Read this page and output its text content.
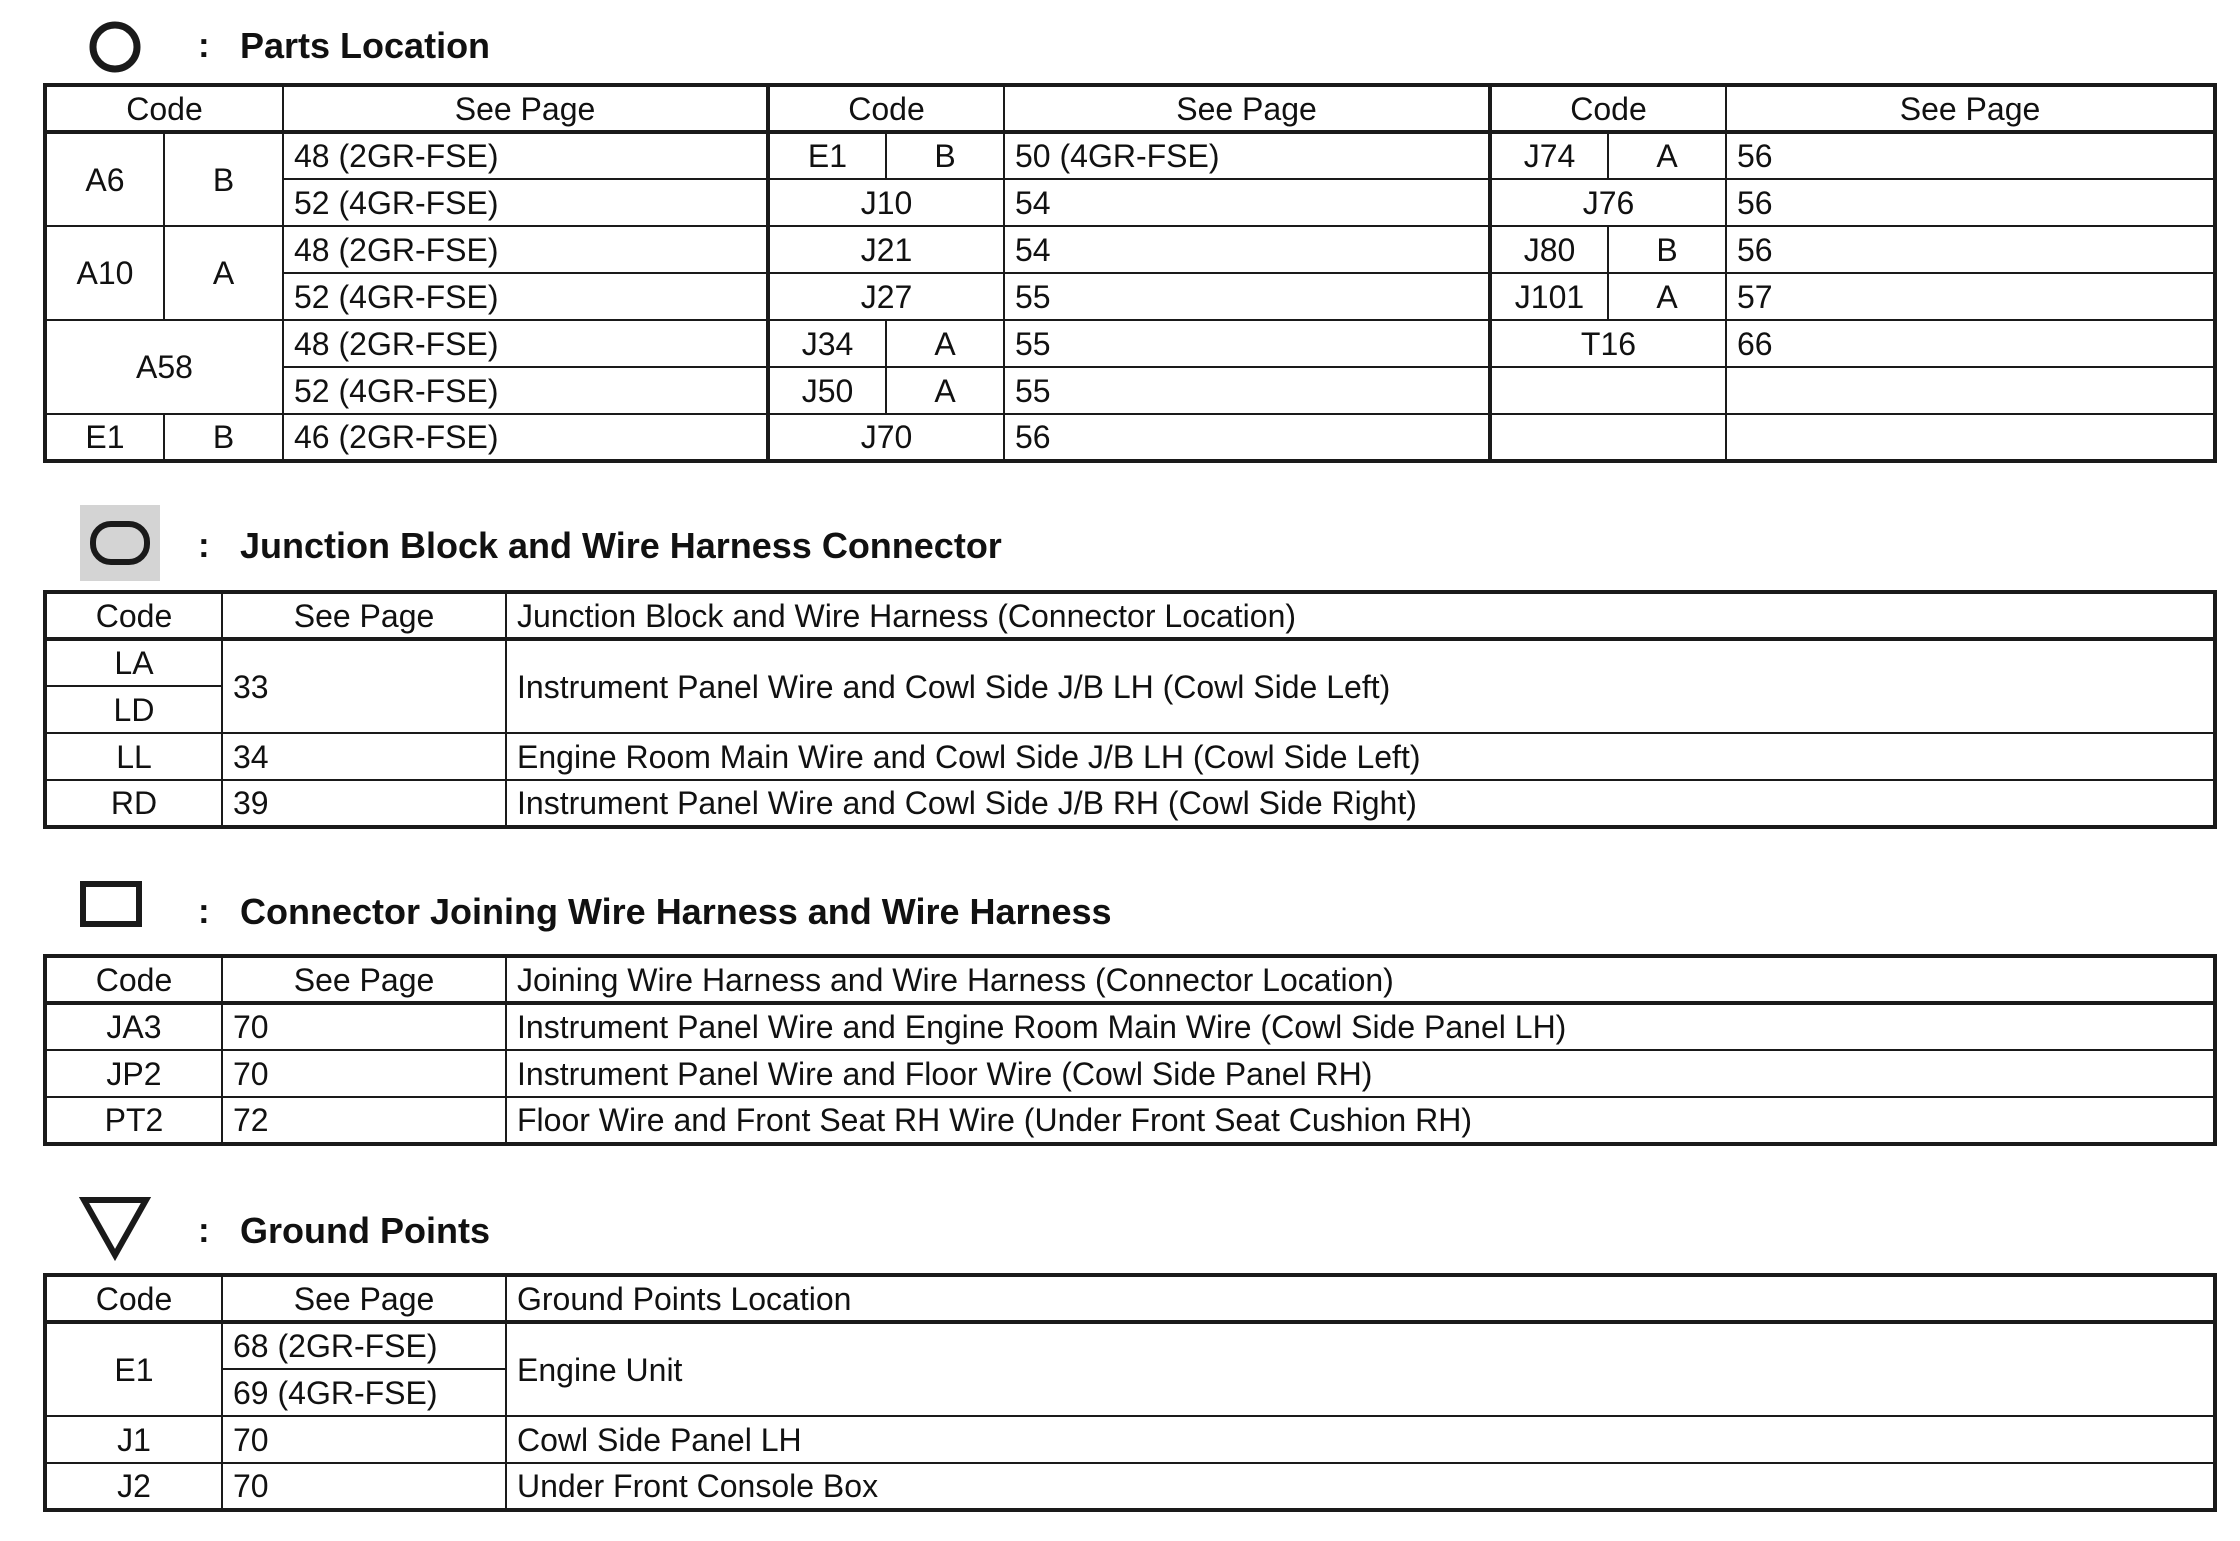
: Parts Location
Code		See Page	Code		See Page	Code		See Page
A6	B	48 (2GR-FSE)	E1	B	50 (4GR-FSE)	J74	A	56
		52 (4GR-FSE)	J10		54	J76		56
A10	A	48 (2GR-FSE)	J21		54	J80	B	56
		52 (4GR-FSE)	J27		55	J101	A	57
A58		48 (2GR-FSE)	J34	A	55	T16		66
		52 (4GR-FSE)	J50	A	55			
E1	B	46 (2GR-FSE)	J70		56			
: Junction Block and Wire Harness Connector
Code	See Page	Junction Block and Wire Harness (Connector Location)
LA	33	Instrument Panel Wire and Cowl Side J/B LH (Cowl Side Left)
LD		
LL	34	Engine Room Main Wire and Cowl Side J/B LH (Cowl Side Left)
RD	39	Instrument Panel Wire and Cowl Side J/B RH (Cowl Side Right)
: Connector Joining Wire Harness and Wire Harness
Code	See Page	Joining Wire Harness and Wire Harness (Connector Location)
JA3	70	Instrument Panel Wire and Engine Room Main Wire (Cowl Side Panel LH)
JP2	70	Instrument Panel Wire and Floor Wire (Cowl Side Panel RH)
PT2	72	Floor Wire and Front Seat RH Wire (Under Front Seat Cushion RH)
: Ground Points
Code	See Page	Ground Points Location
E1	68 (2GR-FSE)	Engine Unit
	69 (4GR-FSE)	
J1	70	Cowl Side Panel LH
J2	70	Under Front Console Box
